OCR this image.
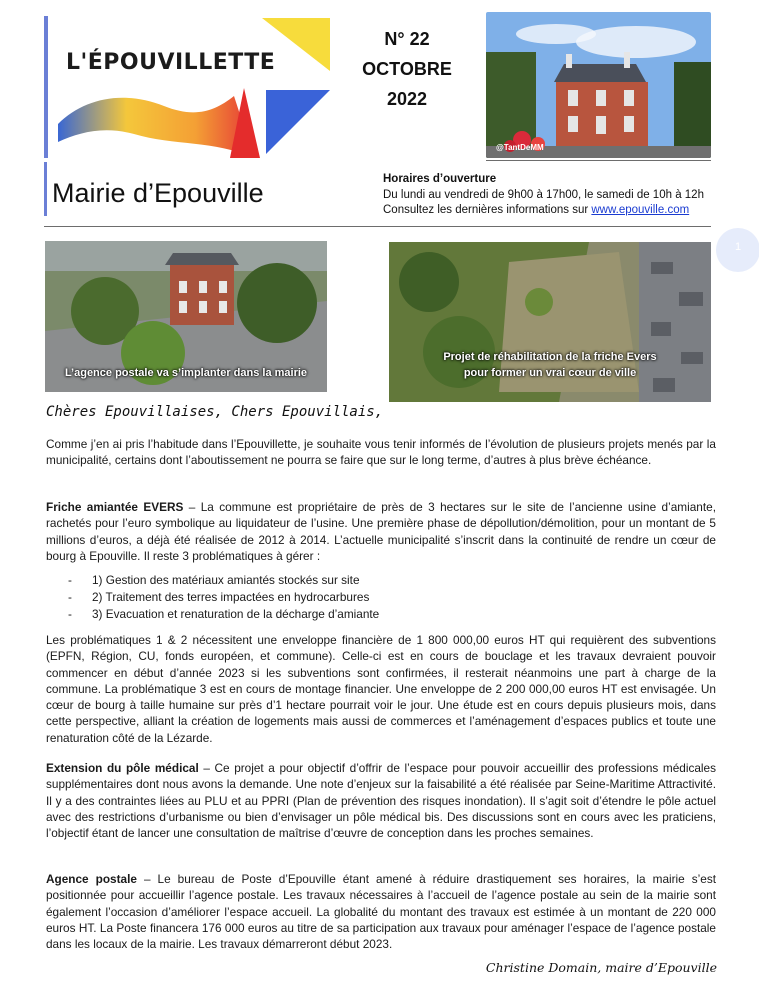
L'ÉPOUVILLETTE
N° 22
OCTOBRE
2022
@TantDeMM
Mairie d’Epouville	Horaires d’ouverture
Du lundi au vendredi de 9h00 à 17h00, le samedi de 10h à 12h
Consultez les dernières informations sur www.epouville.com
1
L’agence postale va s’implanter dans la mairie
Projet de réhabilitation de la friche Evers
pour former un vrai cœur de ville
Chères Epouvillaises, Chers Epouvillais,

Comme j’en ai pris l’habitude dans l’Epouvillette, je souhaite vous tenir informés de l’évolution de plusieurs projets menés par la municipalité, certains dont l’aboutissement ne pourra se faire que sur le long terme, d’autres à plus brève échéance.

Friche amiantée EVERS – La commune est propriétaire de près de 3 hectares sur le site de l’ancienne usine d’amiante, rachetés pour l’euro symbolique au liquidateur de l’usine. Une première phase de dépollution/démolition, pour un montant de 5 millions d’euros, a déjà été réalisée de 2012 à 2014. L’actuelle municipalité s’inscrit dans la continuité de rendre un cœur de bourg à Epouville. Il reste 3 problématiques à gérer :

- 1) Gestion des matériaux amiantés stockés sur site
- 2) Traitement des terres impactées en hydrocarbures
- 3) Evacuation et renaturation de la décharge d’amiante

Les problématiques 1 & 2 nécessitent une enveloppe financière de 1 800 000,00 euros HT qui requièrent des subventions (EPFN, Région, CU, fonds européen, et commune). Celle-ci est en cours de bouclage et les travaux devraient pouvoir commencer en début d’année 2023 si les subventions sont confirmées, il resterait néanmoins une part à charge de la commune. La problématique 3 est en cours de montage financier. Une enveloppe de 2 200 000,00 euros HT est envisagée. Un cœur de bourg à taille humaine sur près d’1 hectare pourrait voir le jour. Une étude est en cours depuis plusieurs mois, dans cette perspective, alliant la création de logements mais aussi de commerces et l’aménagement d’espaces publics et toute une renaturation côté de la Lézarde.

Extension du pôle médical – Ce projet a pour objectif d’offrir de l’espace pour pouvoir accueillir des professions médicales supplémentaires dont nous avons la demande. Une note d’enjeux sur la faisabilité a été réalisée par Seine-Maritime Attractivité. Il y a des contraintes liées au PLU et au PPRI (Plan de prévention des risques inondation). Il s’agit soit d’étendre le pôle actuel avec des restrictions d’urbanisme ou bien d’envisager un pôle médical bis. Des discussions sont en cours avec les praticiens, l’objectif étant de lancer une consultation de maîtrise d’œuvre de conception dans les proches semaines.

Agence postale – Le bureau de Poste d’Epouville étant amené à réduire drastiquement ses horaires, la mairie s’est positionnée pour accueillir l’agence postale. Les travaux nécessaires à l’accueil de l’agence postale au sein de la mairie sont également l’occasion d’améliorer l’espace accueil. La globalité du montant des travaux est estimée à un montant de 220 000 euros HT. La Poste financera 176 000 euros au titre de sa participation aux travaux pour aménager l’espace de l’agence postale dans les locaux de la mairie. Les travaux démarreront début 2023.

Christine Domain, maire d’Epouville
